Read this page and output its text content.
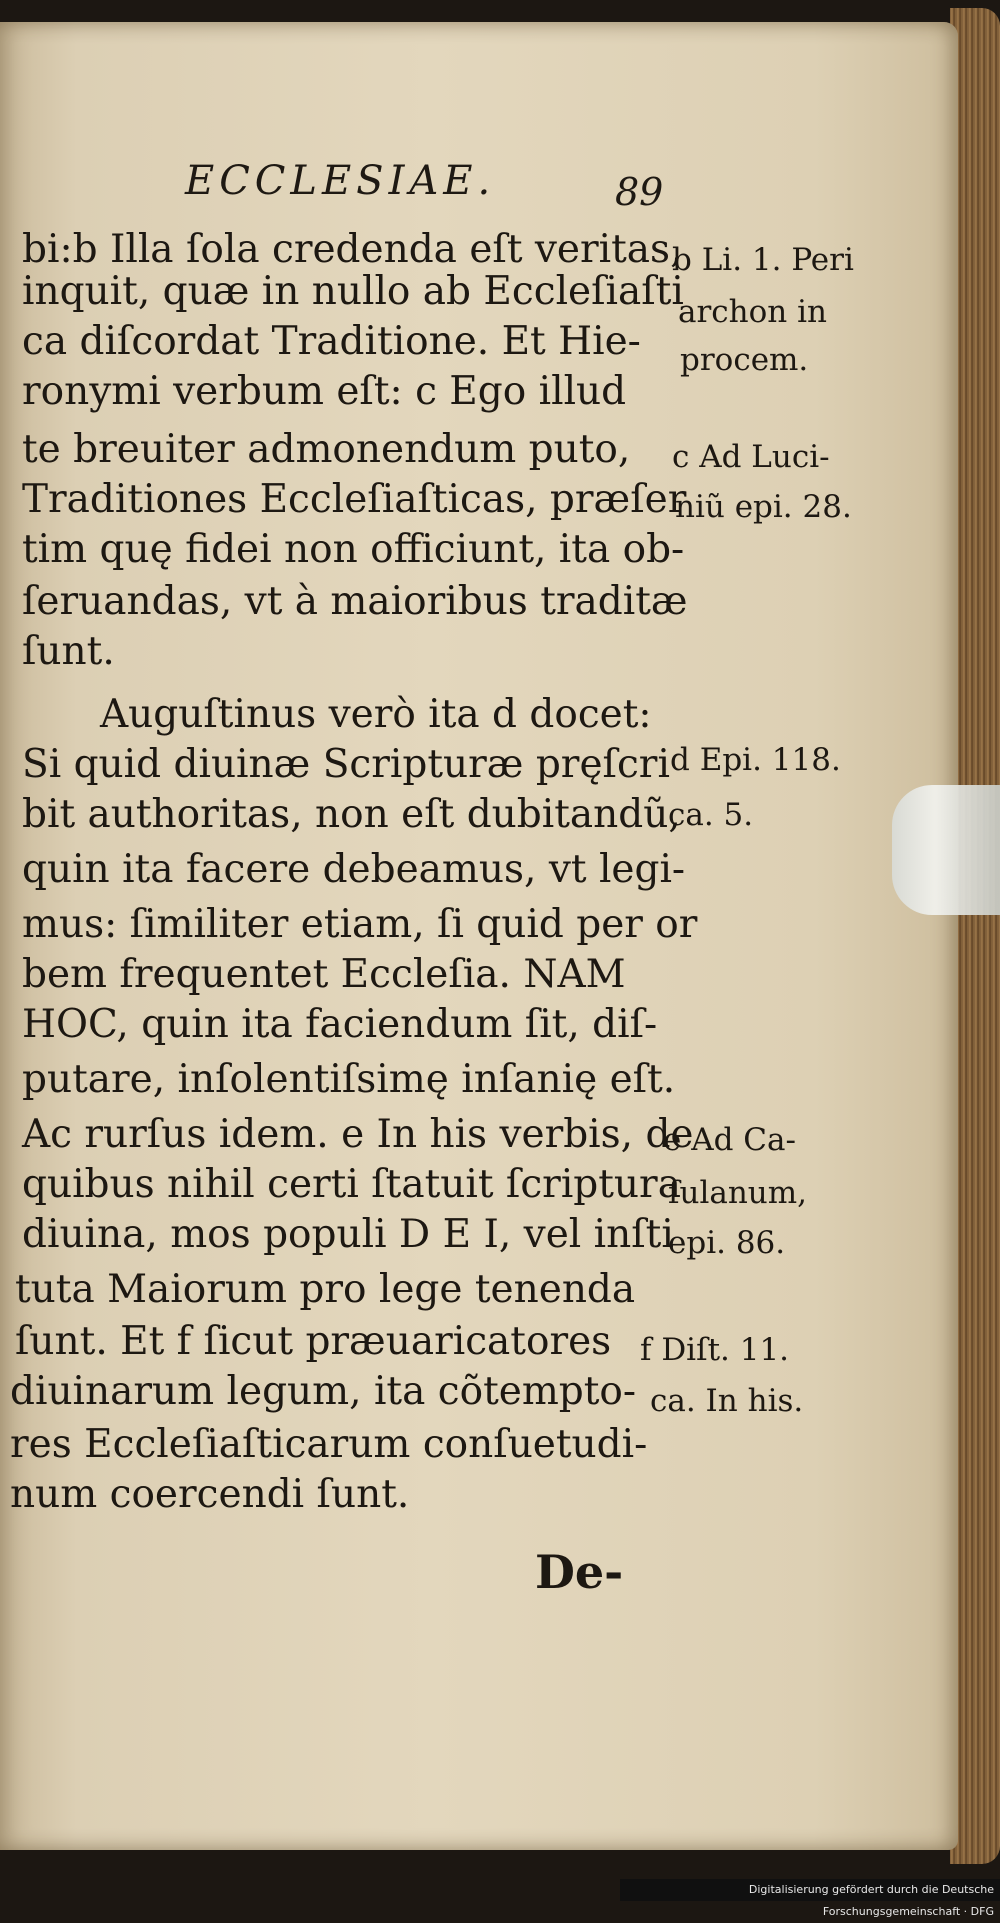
ECCLESIAE.	89
bi:b Illa ſola credenda eſt veritas,
inquit, quæ in nullo ab Eccleſiaſti
ca diſcordat Traditione. Et Hie-
ronymi verbum eſt: c Ego illud
te breuiter admonendum puto,
Traditiones Eccleſiaſticas, præſer
tim quę fidei non officiunt, ita ob-
ſeruandas, vt à maioribus traditæ
ſunt.
Auguſtinus verò ita d docet:
Si quid diuinæ Scripturæ pręſcri
bit authoritas, non eſt dubitandũ,
quin ita facere debeamus, vt legi-
mus: ſimiliter etiam, ſi quid per or
bem frequentet Eccleſia. NAM
HOC, quin ita faciendum ſit, diſ-
putare, inſolentiſsimę inſanię eſt.
Ac rurſus idem. e In his verbis, de
quibus nihil certi ſtatuit ſcriptura
diuina, mos populi D E I, vel inſti
tuta Maiorum pro lege tenenda
ſunt. Et f ſicut præuaricatores
diuinarum legum, ita cõtempto-
res Eccleſiaſticarum conſuetudi-
num coercendi ſunt.
b Li. 1. Peri
archon in
procem.
c Ad Luci-
niũ epi. 28.
d Epi. 118.
ca. 5.
e Ad Ca-
ſulanum,
epi. 86.
f Diſt. 11.
ca. In his.
De-
Digitalisierung gefördert durch die Deutsche Forschungsgemeinschaft · DFG
